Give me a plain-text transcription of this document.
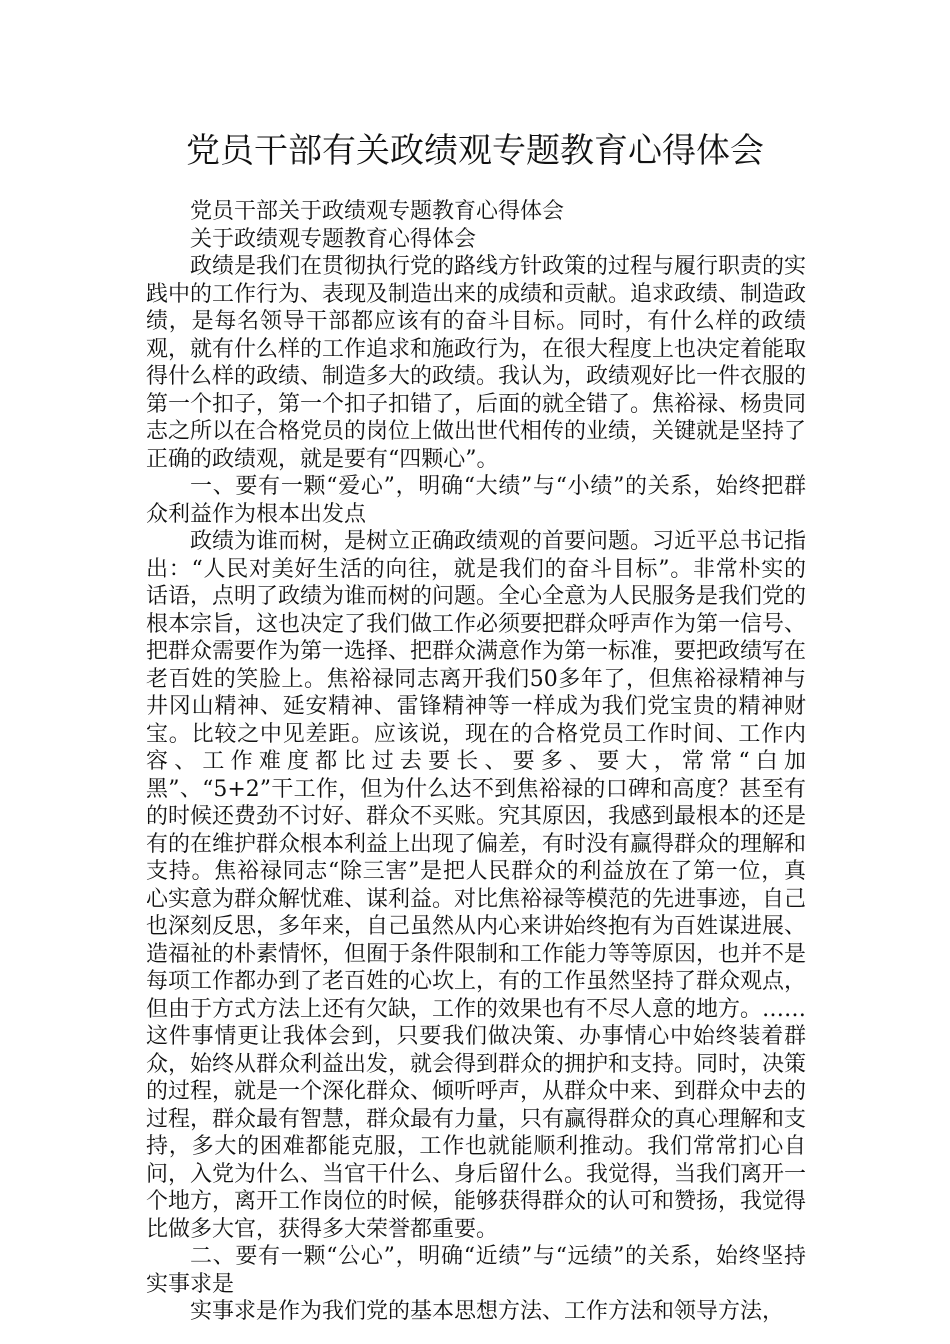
党员干部有关政绩观专题教育心得体会

党员干部关于政绩观专题教育心得体会

关于政绩观专题教育心得体会

政绩是我们在贯彻执行党的路线方针政策的过程与履行职责的实践中的工作行为、表现及制造出来的成绩和贡献。追求政绩、制造政绩，是每名领导干部都应该有的奋斗目标。同时，有什么样的政绩观，就有什么样的工作追求和施政行为，在很大程度上也决定着能取得什么样的政绩、制造多大的政绩。我认为，政绩观好比一件衣服的第一个扣子，第一个扣子扣错了，后面的就全错了。焦裕禄、杨贵同志之所以在合格党员的岗位上做出世代相传的业绩，关键就是坚持了正确的政绩观，就是要有“四颗心”。

一、要有一颗“爱心”，明确“大绩”与“小绩”的关系，始终把群众利益作为根本出发点

政绩为谁而树，是树立正确政绩观的首要问题。习近平总书记指出：“人民对美好生活的向往，就是我们的奋斗目标”。非常朴实的话语，点明了政绩为谁而树的问题。全心全意为人民服务是我们党的根本宗旨，这也决定了我们做工作必须要把群众呼声作为第一信号、把群众需要作为第一选择、把群众满意作为第一标准，要把政绩写在老百姓的笑脸上。焦裕禄同志离开我们50多年了，但焦裕禄精神与井冈山精神、延安精神、雷锋精神等一样成为我们党宝贵的精神财宝。比较之中见差距。应该说，现在的合格党员工作时间、工作内容、工作难度都比过去要长、要多、要大，常常“白加黑”、“5+2”干工作，但为什么达不到焦裕禄的口碑和高度？甚至有的时候还费劲不讨好、群众不买账。究其原因，我感到最根本的还是有的在维护群众根本利益上出现了偏差，有时没有赢得群众的理解和支持。焦裕禄同志“除三害”是把人民群众的利益放在了第一位，真心实意为群众解忧难、谋利益。对比焦裕禄等模范的先进事迹，自己也深刻反思，多年来，自己虽然从内心来讲始终抱有为百姓谋进展、造福祉的朴素情怀，但囿于条件限制和工作能力等等原因，也并不是每项工作都办到了老百姓的心坎上，有的工作虽然坚持了群众观点，但由于方式方法上还有欠缺，工作的效果也有不尽人意的地方。……这件事情更让我体会到，只要我们做决策、办事情心中始终装着群众，始终从群众利益出发，就会得到群众的拥护和支持。同时，决策的过程，就是一个深化群众、倾听呼声，从群众中来、到群众中去的过程，群众最有智慧，群众最有力量，只有赢得群众的真心理解和支持，多大的困难都能克服，工作也就能顺利推动。我们常常扪心自问，入党为什么、当官干什么、身后留什么。我觉得，当我们离开一个地方，离开工作岗位的时候，能够获得群众的认可和赞扬，我觉得比做多大官，获得多大荣誉都重要。

二、要有一颗“公心”，明确“近绩”与“远绩”的关系，始终坚持实事求是

实事求是作为我们党的基本思想方法、工作方法和领导方法，
